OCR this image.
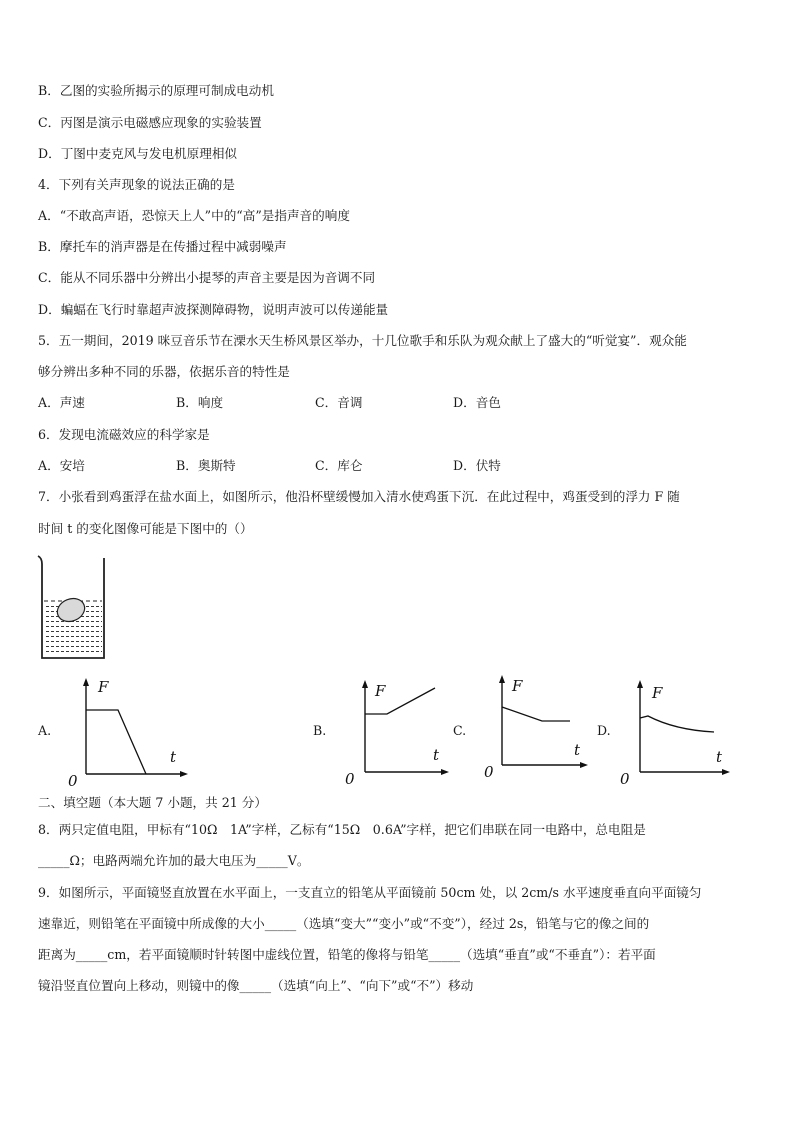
B．乙图的实验所揭示的原理可制成电动机
C．丙图是演示电磁感应现象的实验装置
D．丁图中麦克风与发电机原理相似
4．下列有关声现象的说法正确的是
A．“不敢高声语，恐惊天上人”中的“高”是指声音的响度
B．摩托车的消声器是在传播过程中减弱噪声
C．能从不同乐器中分辨出小提琴的声音主要是因为音调不同
D．蝙蝠在飞行时靠超声波探测障碍物，说明声波可以传递能量
5．五一期间，2019 咪豆音乐节在溧水天生桥风景区举办，十几位歌手和乐队为观众献上了盛大的“听觉宴”．观众能
够分辨出多种不同的乐器，依据乐音的特性是
A．声速	B．响度	C．音调	D．音色
6．发现电流磁效应的科学家是
A．安培	B．奥斯特	C．库仑	D．伏特
7．小张看到鸡蛋浮在盐水面上，如图所示，他沿杯壁缓慢加入清水使鸡蛋下沉．在此过程中，鸡蛋受到的浮力 F 随
时间 t 的变化图像可能是下图中的（）
A.
F
t
0
B.
F
t
0
C.
F
t
0
D.
F
t
0
二、填空题（本大题 7 小题，共 21 分）
8．两只定值电阻，甲标有“10Ω　1A”字样，乙标有“15Ω　0.6A”字样，把它们串联在同一电路中，总电阻是
_____Ω；电路两端允许加的最大电压为_____V。
9．如图所示，平面镜竖直放置在水平面上，一支直立的铅笔从平面镜前 50cm 处，以 2cm/s 水平速度垂直向平面镜匀
速靠近，则铅笔在平面镜中所成像的大小_____（选填“变大”“变小”或“不变”），经过 2s，铅笔与它的像之间的
距离为_____cm，若平面镜顺时针转图中虚线位置，铅笔的像将与铅笔_____（选填“垂直”或“不垂直”）：若平面
镜沿竖直位置向上移动，则镜中的像_____（选填“向上”、“向下”或“不”）移动
